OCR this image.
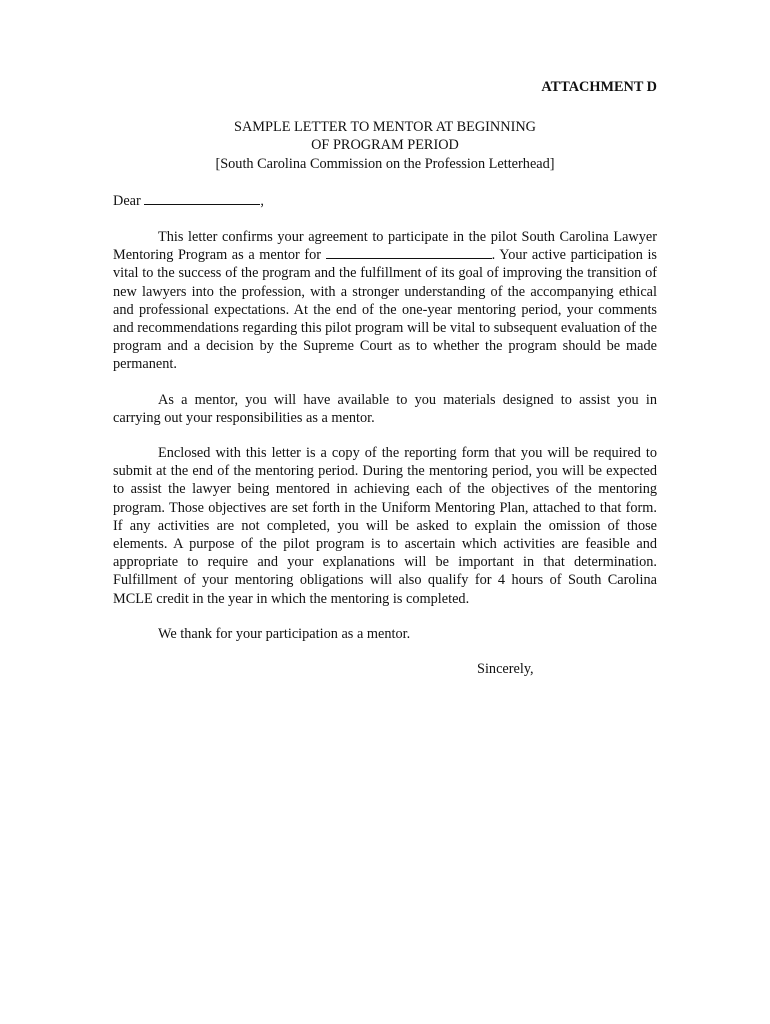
ATTACHMENT D

SAMPLE LETTER TO MENTOR AT BEGINNING

OF PROGRAM PERIOD

[South Carolina Commission on the Profession Letterhead]

Dear	,

This letter confirms your agreement to participate in the pilot South Carolina Lawyer Mentoring Program as a mentor for	. Your active participation is vital to the success of the program and the fulfillment of its goal of improving the transition of new lawyers into the profession, with a stronger understanding of the accompanying ethical and professional expectations. At the end of the one-year mentoring period, your comments and recommendations regarding this pilot program will be vital to subsequent evaluation of the program and a decision by the Supreme Court as to whether the program should be made permanent.

As a mentor, you will have available to you materials designed to assist you in carrying out your responsibilities as a mentor.

Enclosed with this letter is a copy of the reporting form that you will be required to submit at the end of the mentoring period. During the mentoring period, you will be expected to assist the lawyer being mentored in achieving each of the objectives of the mentoring program. Those objectives are set forth in the Uniform Mentoring Plan, attached to that form. If any activities are not completed, you will be asked to explain the omission of those elements. A purpose of the pilot program is to ascertain which activities are feasible and appropriate to require and your explanations will be important in that determination. Fulfillment of your mentoring obligations will also qualify for 4 hours of South Carolina MCLE credit in the year in which the mentoring is completed.

We thank for your participation as a mentor.

Sincerely,
